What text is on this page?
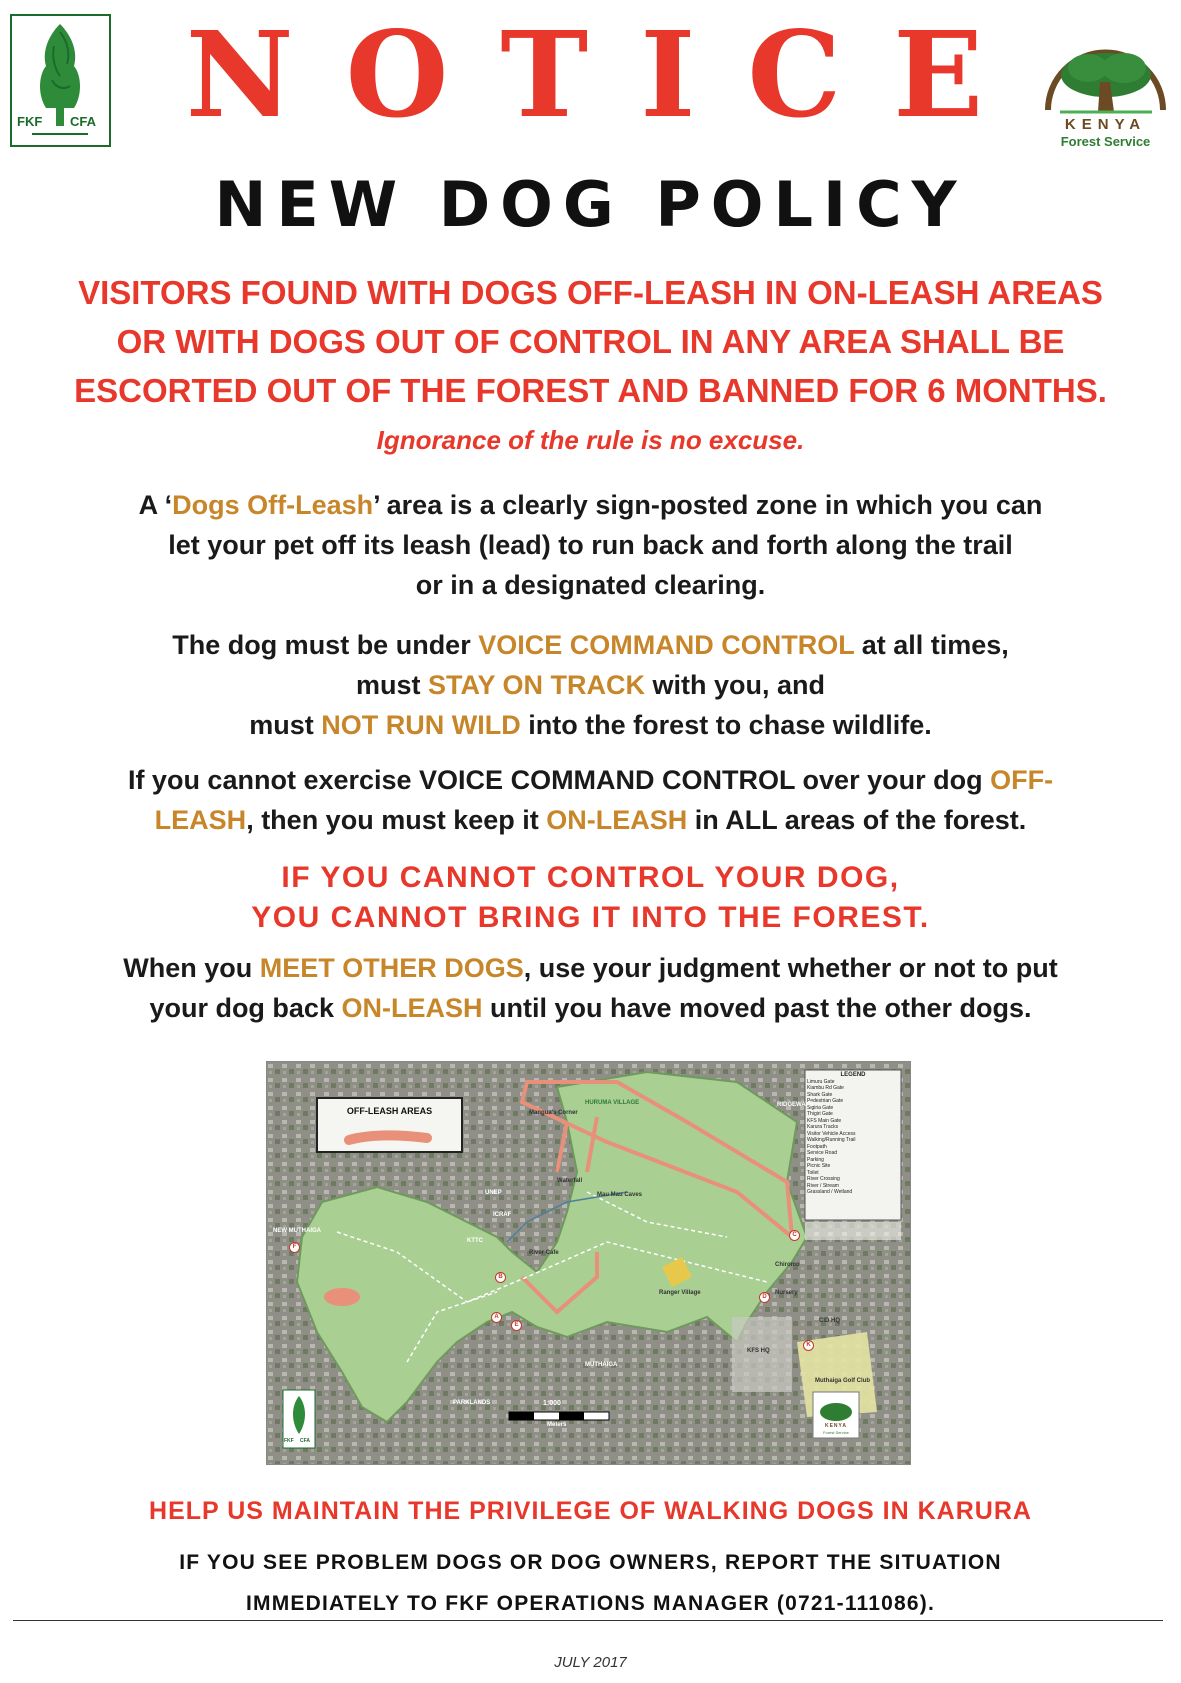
FKF CFA	KENYA
Forest Service
NOTICE
NEW DOG POLICY
VISITORS FOUND WITH DOGS OFF-LEASH IN ON-LEASH AREAS
OR WITH DOGS OUT OF CONTROL IN ANY AREA SHALL BE
ESCORTED OUT OF THE FOREST AND BANNED FOR 6 MONTHS.
Ignorance of the rule is no excuse.
A ‘Dogs Off-Leash’ area is a clearly sign-posted zone in which you can
let your pet off its leash (lead) to run back and forth along the trail
or in a designated clearing.
The dog must be under VOICE COMMAND CONTROL at all times,
must STAY ON TRACK with you, and
must NOT RUN WILD into the forest to chase wildlife.
If you cannot exercise VOICE COMMAND CONTROL over your dog OFF-
LEASH, then you must keep it ON-LEASH in ALL areas of the forest.
IF YOU CANNOT CONTROL YOUR DOG,
YOU CANNOT BRING IT INTO THE FOREST.
When you MEET OTHER DOGS, use your judgment whether or not to put
your dog back ON-LEASH until you have moved past the other dogs.
OFF-LEASH AREAS
LEGEND
Limuru Gate
Kiambu Rd Gate
Shark Gate
Pedestrian Gate
Sigiria Gate
Thigiri Gate
KFS Main Gate
Karura Tracks
Visitor Vehicle Access
Walking/Running Trail
Footpath
Service Road
Parking
Picnic Site
Toilet
River Crossing
River / Stream
Grassland / Wetland
HURUMA VILLAGE	RIDGEWAYS
Mangua's Corner
UNEP
ICRAF
KTTC
NEW MUTHAIGA
MUTHAIGA
PARKLANDS
KFS HQ
CID HQ
Muthaiga Golf Club
River Cafe
Mau Mau Caves
Waterfall
Ranger Village
Chiromo
Nursery
A
B
C
D
E
F
K
1:000
Meters
FKF CFA
KENYA
Forest Service
HELP US MAINTAIN THE PRIVILEGE OF WALKING DOGS IN KARURA
IF YOU SEE PROBLEM DOGS OR DOG OWNERS, REPORT THE SITUATION
IMMEDIATELY TO FKF OPERATIONS MANAGER (0721-111086).
JULY 2017
